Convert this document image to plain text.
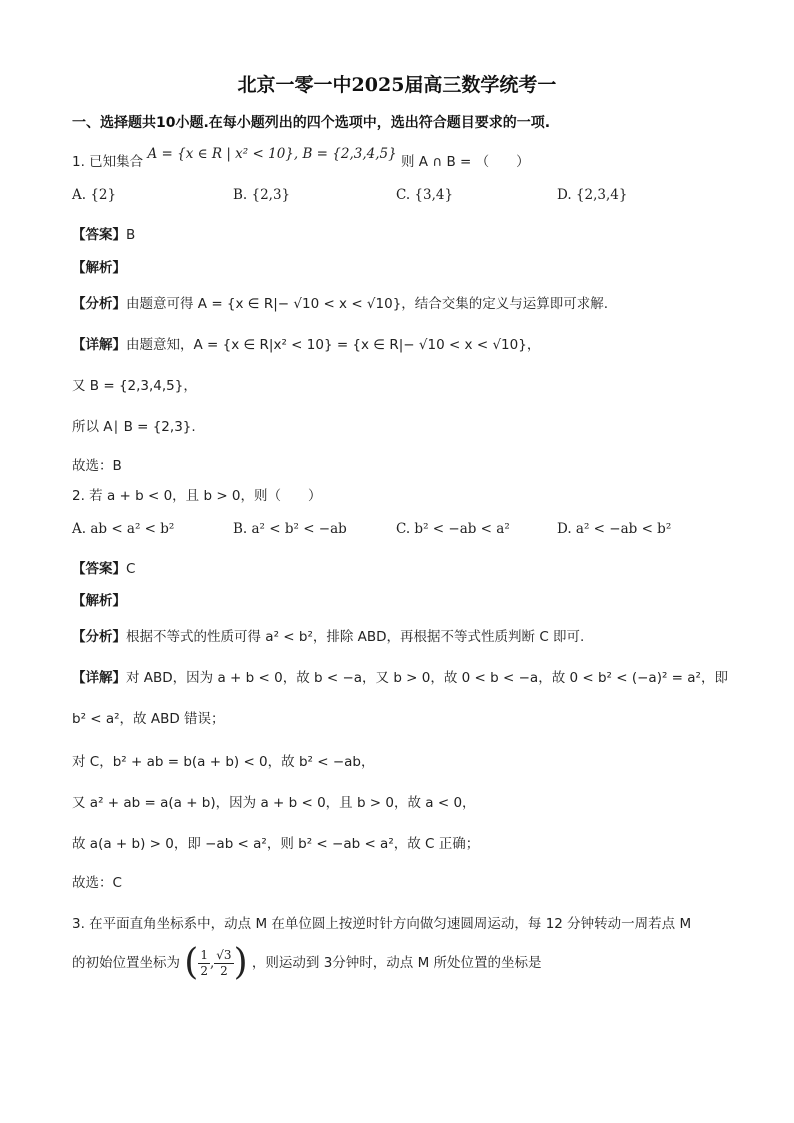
北京一零一中2025届高三数学统考一
一、选择题共10小题.在每小题列出的四个选项中，选出符合题目要求的一项.
1. 已知集合 A = {x ∈ R | x² < 10}, B = {2,3,4,5} 则 A ∩ B = （　　）
A. {2}	B. {2,3}	C. {3,4}	D. {2,3,4}
【答案】B
【解析】
【分析】由题意可得 A = {x ∈ R|− √10 < x < √10}，结合交集的定义与运算即可求解.
【详解】由题意知，A = {x ∈ R|x² < 10} = {x ∈ R|− √10 < x < √10}，
又 B = {2,3,4,5}，
所以 A∣ B = {2,3}.
故选：B
2. 若 a + b < 0，且 b > 0，则（　　）
A. ab < a² < b²	B. a² < b² < −ab	C. b² < −ab < a²	D. a² < −ab < b²
【答案】C
【解析】
【分析】根据不等式的性质可得 a² < b²，排除 ABD，再根据不等式性质判断 C 即可.
【详解】对 ABD，因为 a + b < 0，故 b < −a，又 b > 0，故 0 < b < −a，故 0 < b² < (−a)² = a²，即
b² < a²，故 ABD 错误；
对 C，b² + ab = b(a + b) < 0，故 b² < −ab，
又 a² + ab = a(a + b)，因为 a + b < 0，且 b > 0，故 a < 0，
故 a(a + b) > 0，即 −ab < a²，则 b² < −ab < a²，故 C 正确；
故选：C
3. 在平面直角坐标系中，动点 M 在单位圆上按逆时针方向做匀速圆周运动，每 12 分钟转动一周若点 M
的初始位置坐标为 ( $\frac{1}{2}$ , $\frac{√3}{2}$ ) ，则运动到 3分钟时，动点 M 所处位置的坐标是
